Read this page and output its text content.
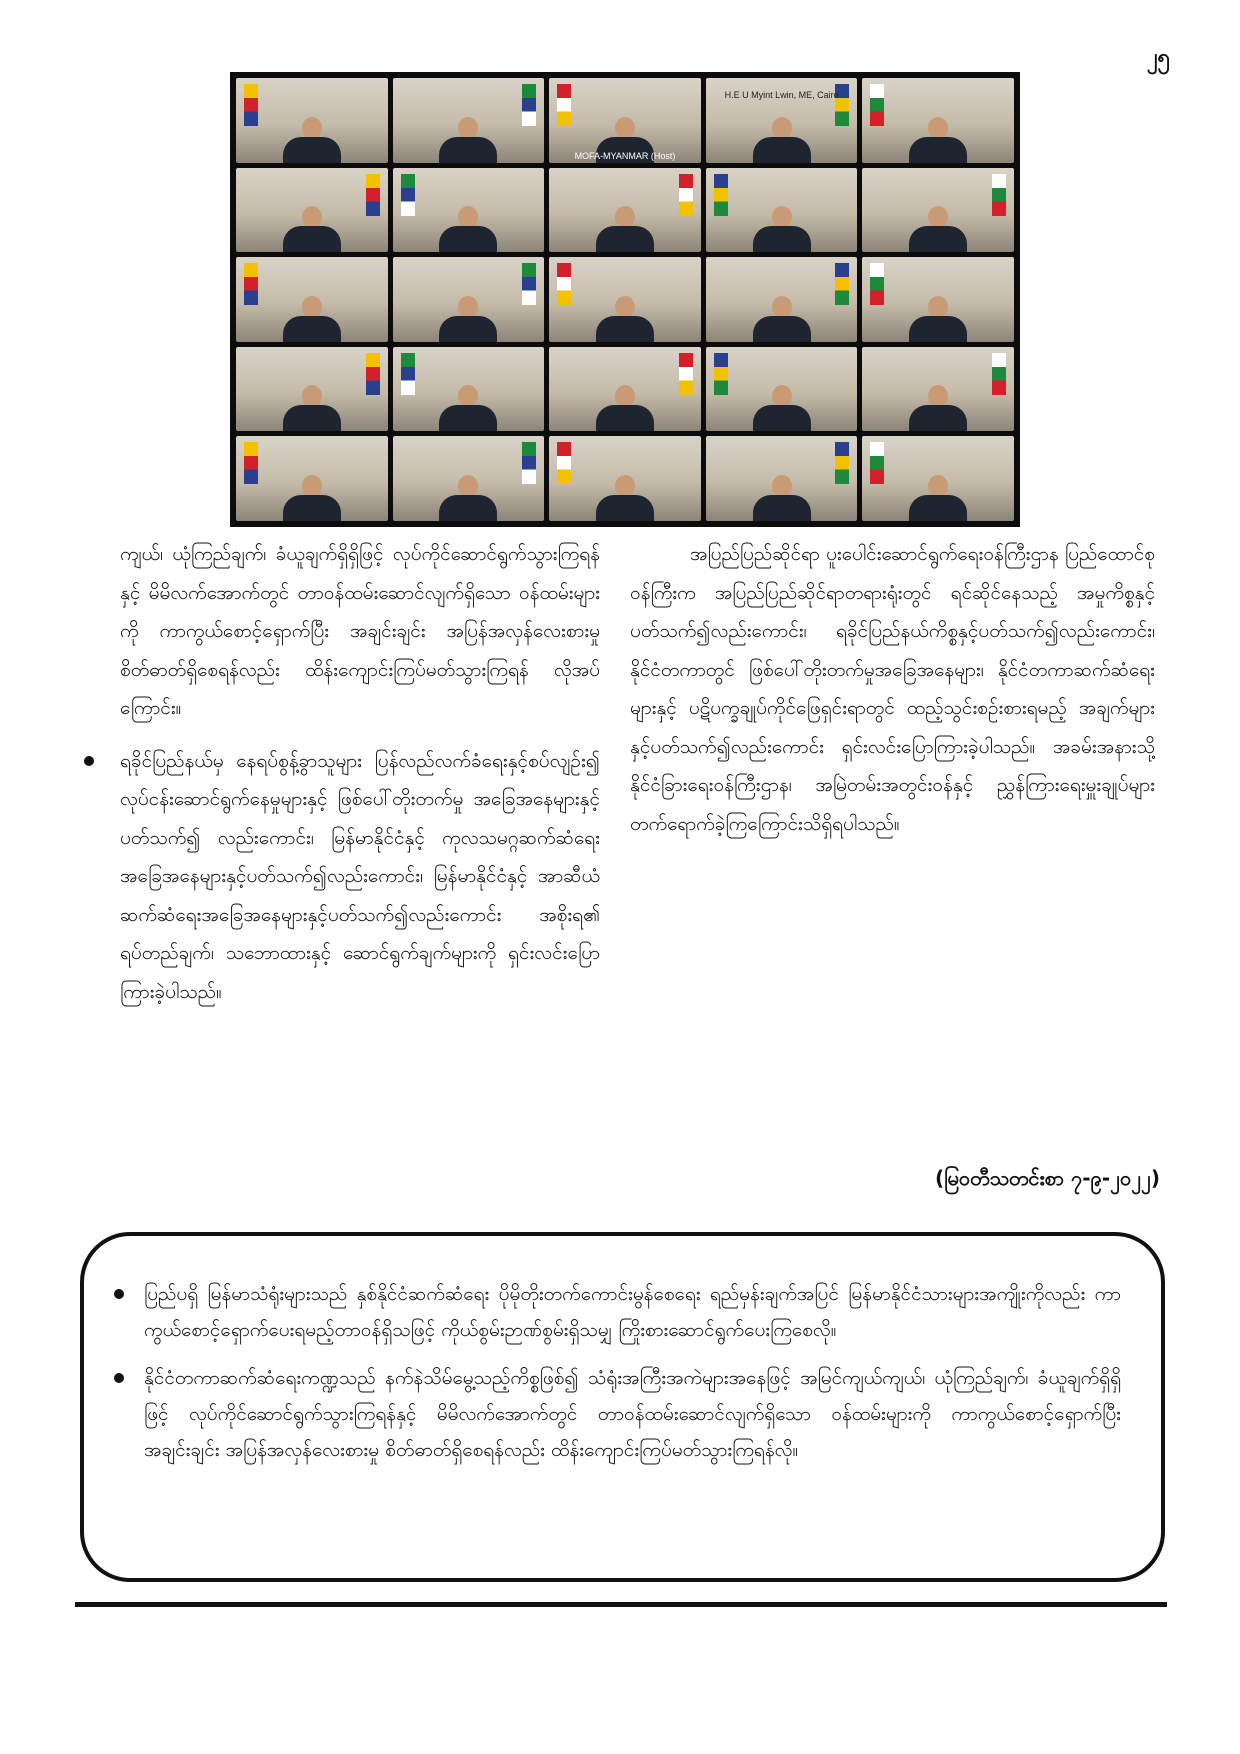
၂၅
MOFA-MYANMAR (Host)
H.E U Myint Lwin, ME, Cairo

ကျယ်၊ ယုံကြည်ချက်၊ ခံယူချက်ရှိရှိဖြင့် လုပ်ကိုင်ဆောင်ရွက်သွားကြရန်နှင့် မိမိလက်အောက်တွင် တာဝန်ထမ်းဆောင်လျက်ရှိသော ဝန်ထမ်းများကို ကာကွယ်စောင့်ရှောက်ပြီး အချင်းချင်း အပြန်အလှန်လေးစားမှု စိတ်ဓာတ်ရှိစေရန်လည်း ထိန်းကျောင်းကြပ်မတ်သွားကြရန် လိုအပ်ကြောင်း။

ရခိုင်ပြည်နယ်မှ နေရပ်စွန့်ခွာသူများ ပြန်လည်လက်ခံရေးနှင့်စပ်လျဉ်း၍ လုပ်ငန်းဆောင်ရွက်နေမှုများနှင့် ဖြစ်ပေါ်တိုးတက်မှု အခြေအနေများနှင့်ပတ်သက်၍ လည်းကောင်း၊ မြန်မာနိုင်ငံနှင့် ကုလသမဂ္ဂဆက်ဆံရေးအခြေအနေများနှင့်ပတ်သက်၍လည်းကောင်း၊ မြန်မာနိုင်ငံနှင့် အာဆီယံဆက်ဆံရေးအခြေအနေများနှင့်ပတ်သက်၍လည်းကောင်း အစိုးရ၏ ရပ်တည်ချက်၊ သဘောထားနှင့် ဆောင်ရွက်ချက်များကို ရှင်းလင်းပြောကြားခဲ့ပါသည်။

အပြည်ပြည်ဆိုင်ရာ ပူးပေါင်းဆောင်ရွက်ရေးဝန်ကြီးဌာန ပြည်ထောင်စုဝန်ကြီးက အပြည်ပြည်ဆိုင်ရာတရားရုံးတွင် ရင်ဆိုင်နေသည့် အမှုကိစ္စနှင့်ပတ်သက်၍လည်းကောင်း၊ ရခိုင်ပြည်နယ်ကိစ္စနှင့်ပတ်သက်၍လည်းကောင်း၊ နိုင်ငံတကာတွင် ဖြစ်ပေါ်တိုးတက်မှုအခြေအနေများ၊ နိုင်ငံတကာဆက်ဆံရေးများနှင့် ပဋိပက္ခချုပ်ကိုင်ဖြေရှင်းရာတွင် ထည့်သွင်းစဉ်းစားရမည့် အချက်များနှင့်ပတ်သက်၍လည်းကောင်း ရှင်းလင်းပြောကြားခဲ့ပါသည်။ အခမ်းအနားသို့ နိုင်ငံခြားရေးဝန်ကြီးဌာန၊ အမြဲတမ်းအတွင်းဝန်နှင့် ညွှန်ကြားရေးမှူးချုပ်များ တက်ရောက်ခဲ့ကြကြောင်းသိရှိရပါသည်။

(မြဝတီသတင်းစာ ၇-၉-၂၀၂၂)
ပြည်ပရှိ မြန်မာသံရုံးများသည် နှစ်နိုင်ငံဆက်ဆံရေး ပိုမိုတိုးတက်ကောင်းမွန်စေရေး ရည်မှန်းချက်အပြင် မြန်မာနိုင်ငံသားများအကျိုးကိုလည်း ကာကွယ်စောင့်ရှောက်ပေးရမည့်တာဝန်ရှိသဖြင့် ကိုယ်စွမ်းဉာဏ်စွမ်းရှိသမျှ ကြိုးစားဆောင်ရွက်ပေးကြစေလို။
နိုင်ငံတကာဆက်ဆံရေးကဏ္ဍသည် နက်နဲသိမ်မွေ့သည့်ကိစ္စဖြစ်၍ သံရုံးအကြီးအကဲများအနေဖြင့် အမြင်ကျယ်ကျယ်၊ ယုံကြည်ချက်၊ ခံယူချက်ရှိရှိဖြင့် လုပ်ကိုင်ဆောင်ရွက်သွားကြရန်နှင့် မိမိလက်အောက်တွင် တာဝန်ထမ်းဆောင်လျက်ရှိသော ဝန်ထမ်းများကို ကာကွယ်စောင့်ရှောက်ပြီး အချင်းချင်း အပြန်အလှန်လေးစားမှု စိတ်ဓာတ်ရှိစေရန်လည်း ထိန်းကျောင်းကြပ်မတ်သွားကြရန်လို။
